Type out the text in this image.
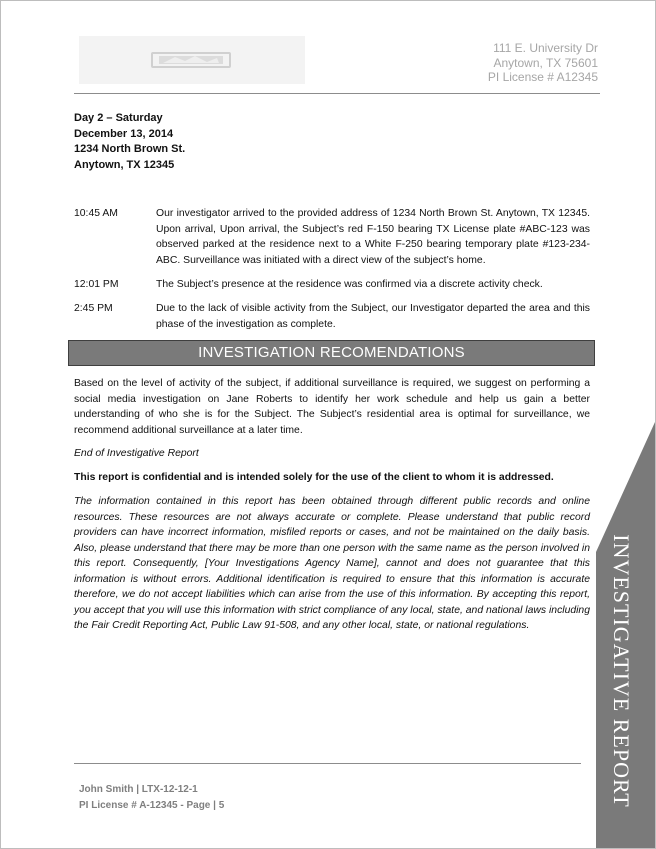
111 E. University Dr
Anytown, TX 75601
PI License # A12345
Day 2 – Saturday
December 13, 2014
1234 North Brown St.
Anytown, TX 12345
10:45 AM	Our investigator arrived to the provided address of 1234 North Brown St. Anytown, TX 12345. Upon arrival, Upon arrival, the Subject’s red F-150 bearing TX License plate #ABC-123 was observed parked at the residence next to a White F-250 bearing temporary plate #123-234-ABC. Surveillance was initiated with a direct view of the subject’s home.
12:01 PM	The Subject’s presence at the residence was confirmed via a discrete activity check.
2:45 PM	Due to the lack of visible activity from the Subject, our Investigator departed the area and this phase of the investigation as complete.
INVESTIGATION RECOMENDATIONS
Based on the level of activity of the subject, if additional surveillance is required, we suggest on performing a social media investigation on Jane Roberts to identify her work schedule and help us gain a better understanding of who she is for the Subject. The Subject’s residential area is optimal for surveillance, we recommend additional surveillance at a later time.
End of Investigative Report
This report is confidential and is intended solely for the use of the client to whom it is addressed.
The information contained in this report has been obtained through different public records and online resources. These resources are not always accurate or complete. Please understand that public record providers can have incorrect information, misfiled reports or cases, and not be maintained on the daily basis. Also, please understand that there may be more than one person with the same name as the person involved in this report. Consequently, [Your Investigations Agency Name], cannot and does not guarantee that this information is without errors. Additional identification is required to ensure that this information is accurate therefore, we do not accept liabilities which can arise from the use of this information. By accepting this report, you accept that you will use this information with strict compliance of any local, state, and national laws including the Fair Credit Reporting Act, Public Law 91-508, and any other local, state, or national regulations.	INVESTIGATIVE REPORT
John Smith | LTX-12-12-1
PI License # A-12345 - Page | 5
